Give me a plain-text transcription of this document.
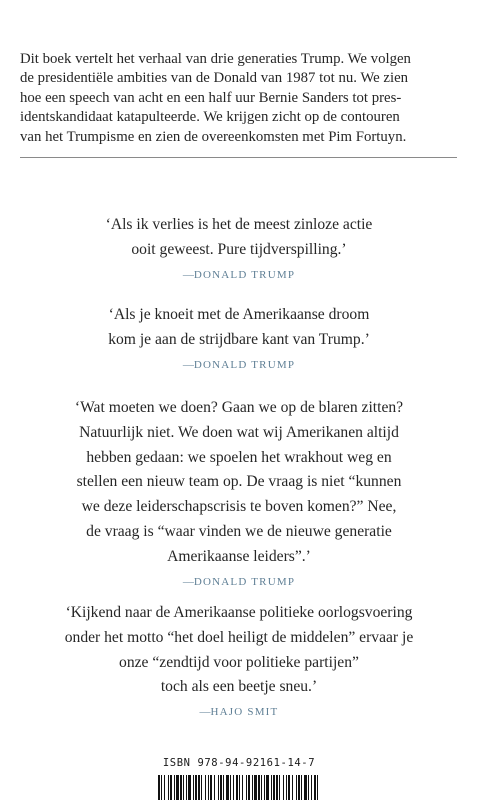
Dit boek vertelt het verhaal van drie generaties Trump. We volgen
de presidentiële ambities van de Donald van 1987 tot nu. We zien
hoe een speech van acht en een half uur Bernie Sanders tot pres-
identskandidaat katapulteerde. We krijgen zicht op de contouren
van het Trumpisme en zien de overeenkomsten met Pim Fortuyn.

‘Als ik verlies is het de meest zinloze actie
ooit geweest. Pure tijdverspilling.’
—DONALD TRUMP
‘Als je knoeit met de Amerikaanse droom
kom je aan de strijdbare kant van Trump.’
—DONALD TRUMP
‘Wat moeten we doen? Gaan we op de blaren zitten?
Natuurlijk niet. We doen wat wij Amerikanen altijd
hebben gedaan: we spoelen het wrakhout weg en
stellen een nieuw team op. De vraag is niet “kunnen
we deze leiderschapscrisis te boven komen?” Nee,
de vraag is “waar vinden we de nieuwe generatie
Amerikaanse leiders”.’
—DONALD TRUMP
‘Kijkend naar de Amerikaanse politieke oorlogsvoering
onder het motto “het doel heiligt de middelen” ervaar je
onze “zendtijd voor politieke partijen”
toch als een beetje sneu.’
—HAJO SMIT
ISBN 978-94-92161-14-7
